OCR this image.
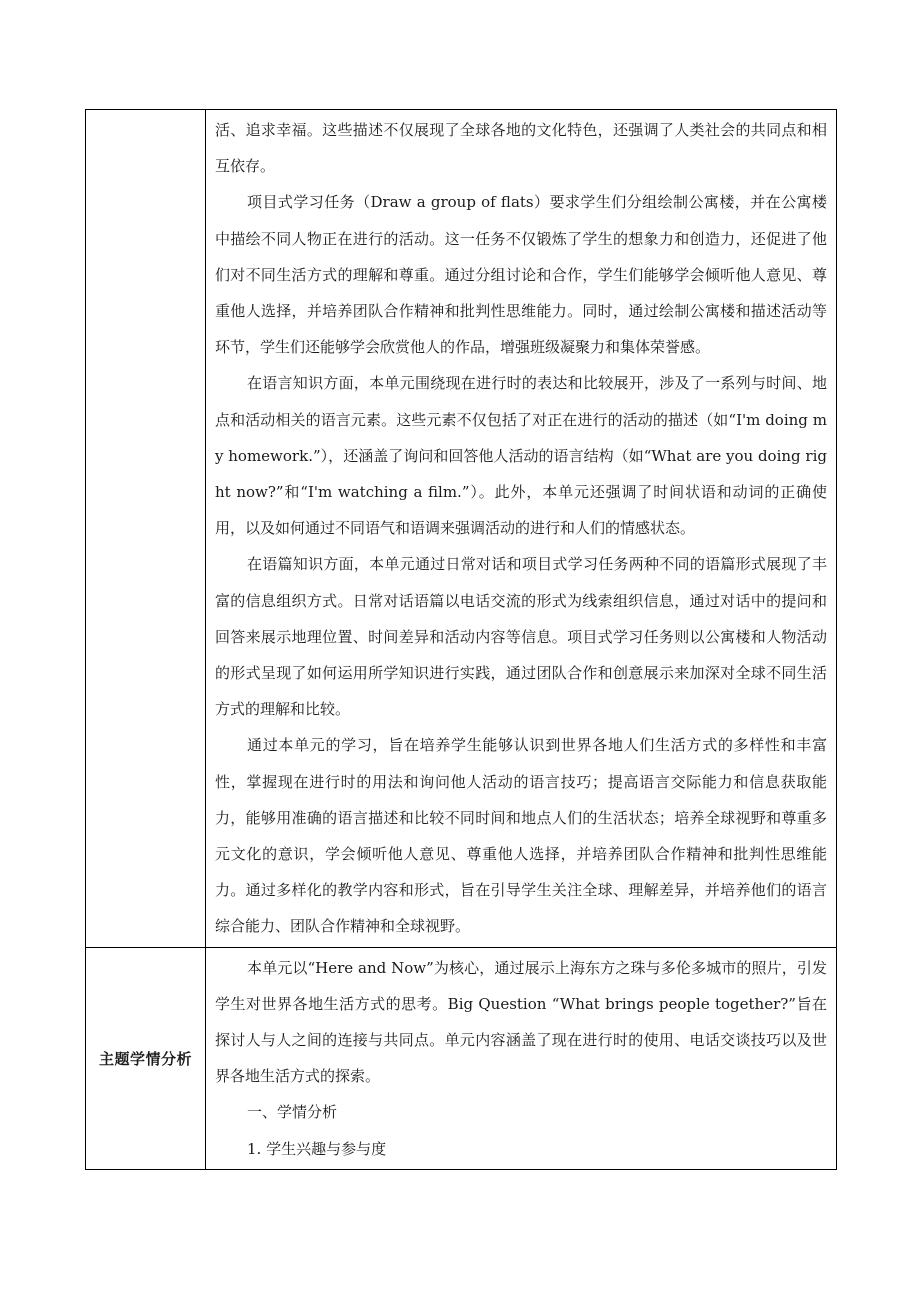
	活、追求幸福。这些描述不仅展现了全球各地的文化特色，还强调了人类社会的共同点和相互依存。

项目式学习任务（Draw a group of flats）要求学生们分组绘制公寓楼，并在公寓楼中描绘不同人物正在进行的活动。这一任务不仅锻炼了学生的想象力和创造力，还促进了他们对不同生活方式的理解和尊重。通过分组讨论和合作，学生们能够学会倾听他人意见、尊重他人选择，并培养团队合作精神和批判性思维能力。同时，通过绘制公寓楼和描述活动等环节，学生们还能够学会欣赏他人的作品，增强班级凝聚力和集体荣誉感。

在语言知识方面，本单元围绕现在进行时的表达和比较展开，涉及了一系列与时间、地点和活动相关的语言元素。这些元素不仅包括了对正在进行的活动的描述（如“I'm doing my homework.”），还涵盖了询问和回答他人活动的语言结构（如“What are you doing right now?”和“I'm watching a film.”）。此外，本单元还强调了时间状语和动词的正确使用，以及如何通过不同语气和语调来强调活动的进行和人们的情感状态。

在语篇知识方面，本单元通过日常对话和项目式学习任务两种不同的语篇形式展现了丰富的信息组织方式。日常对话语篇以电话交流的形式为线索组织信息，通过对话中的提问和回答来展示地理位置、时间差异和活动内容等信息。项目式学习任务则以公寓楼和人物活动的形式呈现了如何运用所学知识进行实践，通过团队合作和创意展示来加深对全球不同生活方式的理解和比较。

通过本单元的学习，旨在培养学生能够认识到世界各地人们生活方式的多样性和丰富性，掌握现在进行时的用法和询问他人活动的语言技巧；提高语言交际能力和信息获取能力，能够用准确的语言描述和比较不同时间和地点人们的生活状态；培养全球视野和尊重多元文化的意识，学会倾听他人意见、尊重他人选择，并培养团队合作精神和批判性思维能力。通过多样化的教学内容和形式，旨在引导学生关注全球、理解差异，并培养他们的语言综合能力、团队合作精神和全球视野。

主题学情分析	本单元以“Here and Now”为核心，通过展示上海东方之珠与多伦多城市的照片，引发学生对世界各地生活方式的思考。Big Question “What brings people together?”旨在探讨人与人之间的连接与共同点。单元内容涵盖了现在进行时的使用、电话交谈技巧以及世界各地生活方式的探索。

一、学情分析

1. 学生兴趣与参与度
